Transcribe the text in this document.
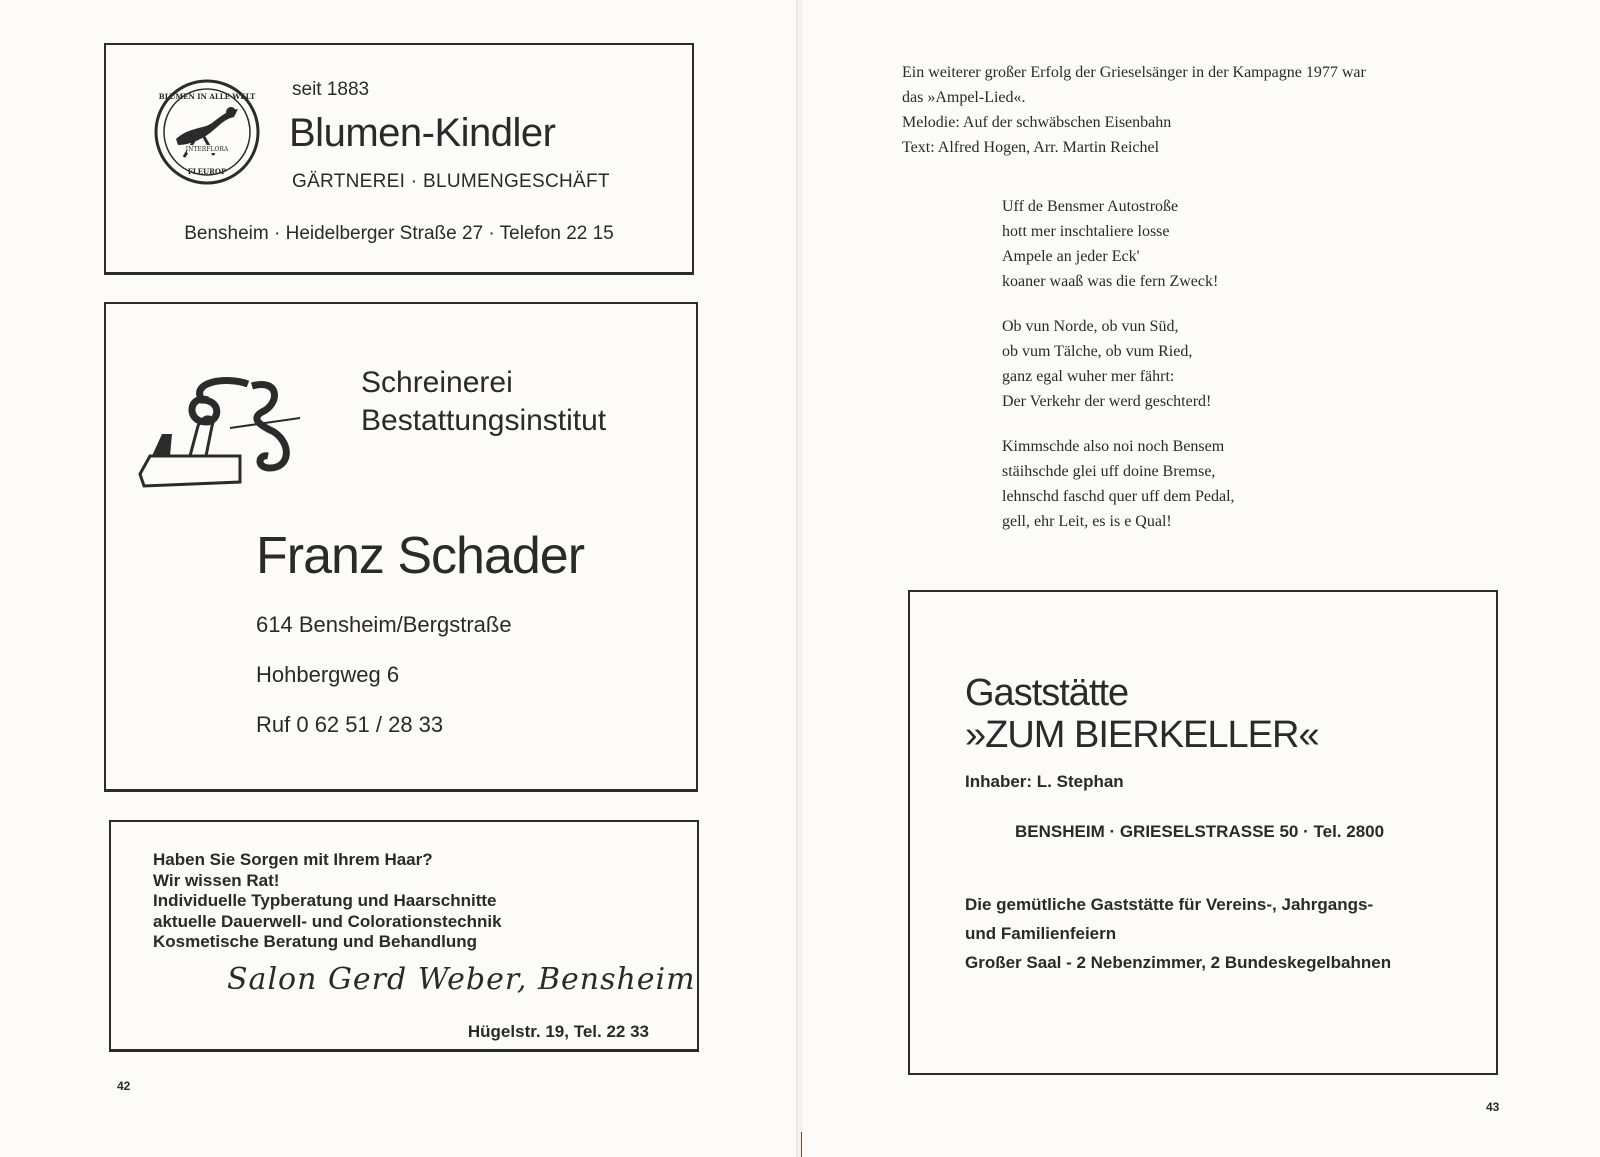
INTERFLORA
BLUMEN IN ALLE WELT
FLEUROP
seit 1883
Blumen-Kindler
GÄRTNEREI · BLUMENGESCHÄFT
Bensheim · Heidelberger Straße 27 · Telefon 22 15
Schreinerei
Bestattungsinstitut
Franz Schader
614 Bensheim/Bergstraße
Hohbergweg 6
Ruf 0 62 51 / 28 33
Haben Sie Sorgen mit Ihrem Haar?
Wir wissen Rat!
Individuelle Typberatung und Haarschnitte
aktuelle Dauerwell- und Colorationstechnik
Kosmetische Beratung und Behandlung
Salon Gerd Weber, Bensheim
Hügelstr. 19, Tel. 22 33
42
Ein weiterer großer Erfolg der Grieselsänger in der Kampagne 1977 war
das »Ampel-Lied«.
Melodie: Auf der schwäbschen Eisenbahn
Text: Alfred Hogen, Arr. Martin Reichel
Uff de Bensmer Autostroße
hott mer inschtaliere losse
Ampele an jeder Eck'
koaner waaß was die fern Zweck!
Ob vun Norde, ob vun Süd,
ob vum Tälche, ob vum Ried,
ganz egal wuher mer fährt:
Der Verkehr der werd geschterd!
Kimmschde also noi noch Bensem
stäihschde glei uff doine Bremse,
lehnschd faschd quer uff dem Pedal,
gell, ehr Leit, es is e Qual!
Gaststätte
»ZUM BIERKELLER«
Inhaber: L. Stephan
BENSHEIM · GRIESELSTRASSE 50 · Tel. 2800
Die gemütliche Gaststätte für Vereins-, Jahrgangs-
und Familienfeiern
Großer Saal - 2 Nebenzimmer, 2 Bundeskegelbahnen
43
